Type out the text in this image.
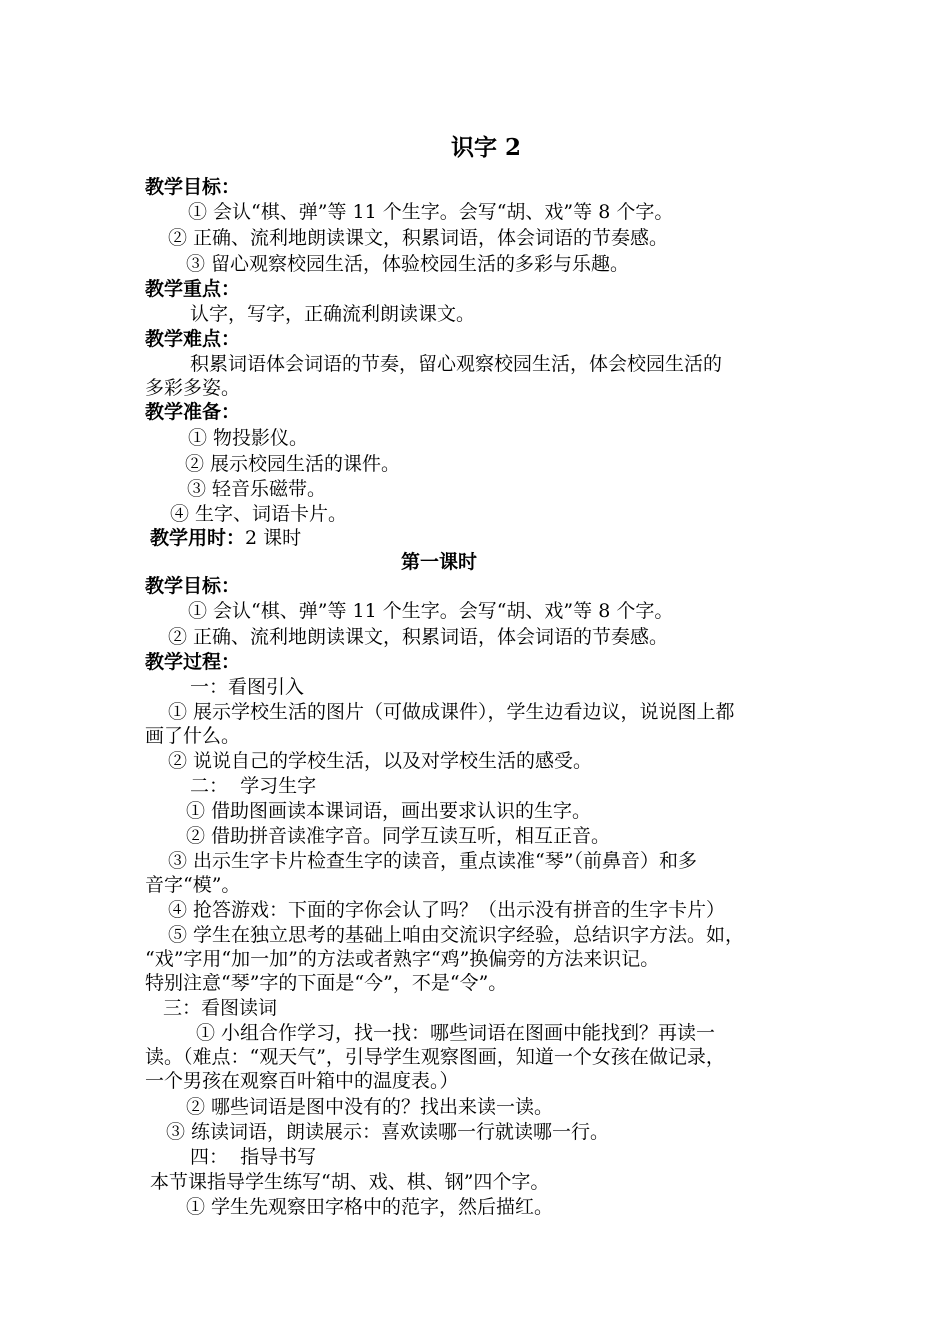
识字 2
教学目标：
① 会认“棋、弹”等 11 个生字。会写“胡、戏”等 8 个字。
② 正确、流利地朗读课文，积累词语，体会词语的节奏感。
③ 留心观察校园生活，体验校园生活的多彩与乐趣。
教学重点：
认字，写字，正确流利朗读课文。
教学难点：
积累词语体会词语的节奏，留心观察校园生活，体会校园生活的
多彩多姿。
教学准备：
① 物投影仪。
② 展示校园生活的课件。
③ 轻音乐磁带。
④ 生字、词语卡片。
教学用时：2 课时
第一课时
教学目标：
① 会认“棋、弹”等 11 个生字。会写“胡、戏”等 8 个字。
② 正确、流利地朗读课文，积累词语，体会词语的节奏感。
教学过程：
一：看图引入
① 展示学校生活的图片（可做成课件），学生边看边议，说说图上都
画了什么。
② 说说自己的学校生活，以及对学校生活的感受。
二：  学习生字
① 借助图画读本课词语，画出要求认识的生字。
② 借助拼音读准字音。同学互读互听，相互正音。
③ 出示生字卡片检查生字的读音，重点读准“琴”（前鼻音）和多
音字“模”。
④ 抢答游戏：下面的字你会认了吗？（出示没有拼音的生字卡片）
⑤ 学生在独立思考的基础上咱由交流识字经验，总结识字方法。如，
“戏”字用“加一加”的方法或者熟字“鸡”换偏旁的方法来识记。
特别注意“琴”字的下面是“今”，不是“令”。
三：看图读词
① 小组合作学习，找一找：哪些词语在图画中能找到？再读一
读。（难点：“观天气”，引导学生观察图画，知道一个女孩在做记录，
一个男孩在观察百叶箱中的温度表。）
② 哪些词语是图中没有的？找出来读一读。
③ 练读词语，朗读展示：喜欢读哪一行就读哪一行。
四：  指导书写
本节课指导学生练写“胡、戏、棋、钢”四个字。
① 学生先观察田字格中的范字，然后描红。
